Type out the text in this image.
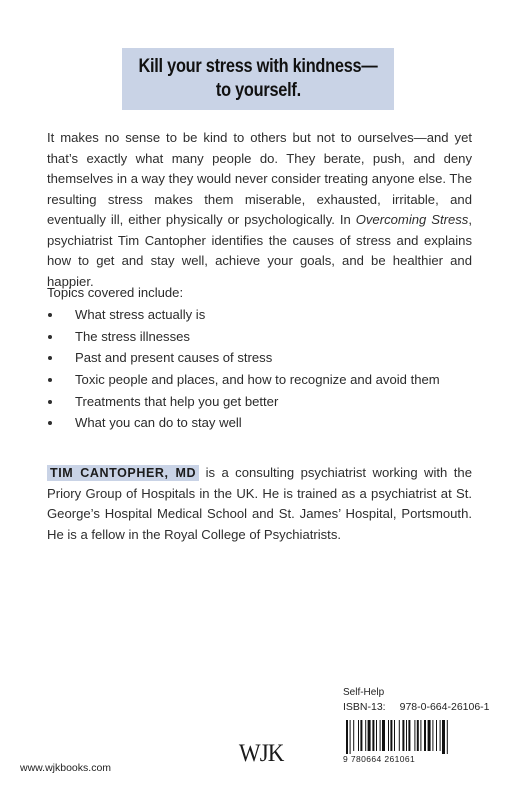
Kill your stress with kindness—
to yourself.

It makes no sense to be kind to others but not to ourselves—and yet that’s exactly what many people do. They berate, push, and deny themselves in a way they would never consider treating anyone else. The resulting stress makes them miserable, exhausted, irritable, and eventually ill, either physically or psychologically. In Overcoming Stress, psychiatrist Tim Cantopher identifies the causes of stress and explains how to get and stay well, achieve your goals, and be healthier and happier.

Topics covered include:

What stress actually is
The stress illnesses
Past and present causes of stress
Toxic people and places, and how to recognize and avoid them
Treatments that help you get better
What you can do to stay well

TIM CANTOPHER, MD is a consulting psychiatrist working with the Priory Group of Hospitals in the UK. He is trained as a psychiatrist at St. George’s Hospital Medical School and St. James’ Hospital, Portsmouth. He is a fellow in the Royal College of Psychiatrists.

Self-Help
ISBN-13: 978-0-664-26106-1
9 780664 261061
WJK
www.wjkbooks.com
